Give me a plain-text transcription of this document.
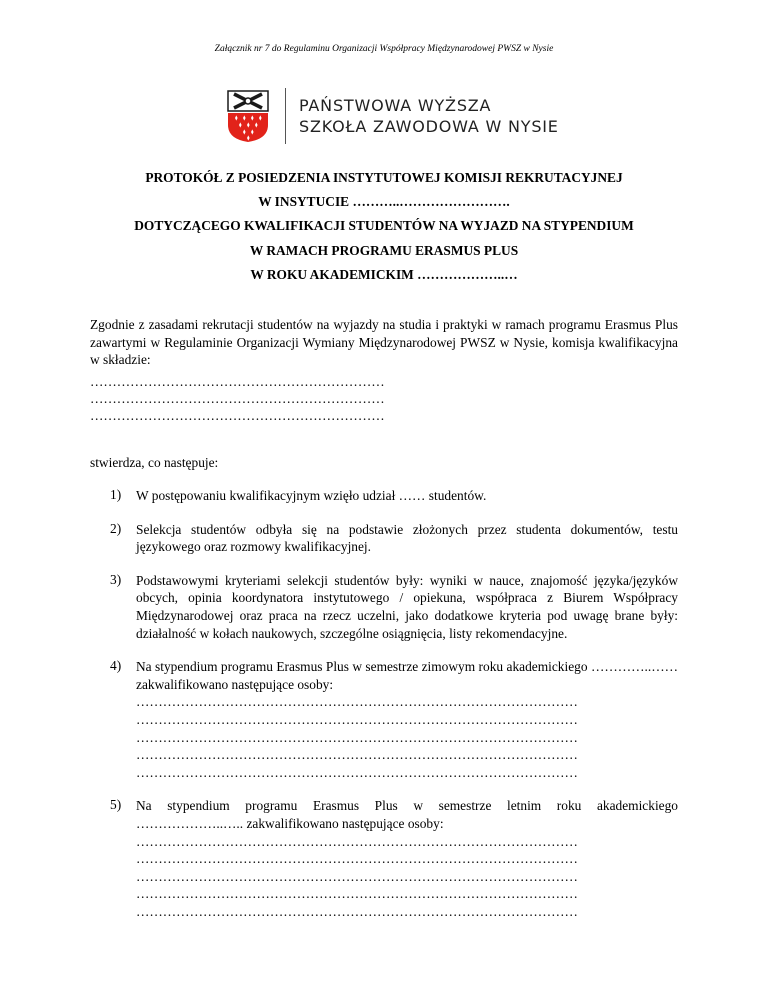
Załącznik nr 7 do Regulaminu Organizacji Współpracy Międzynarodowej PWSZ w Nysie
PAŃSTWOWA WYŻSZA
SZKOŁA ZAWODOWA W NYSIE
PROTOKÓŁ Z POSIEDZENIA INSTYTUTOWEJ KOMISJI REKRUTACYJNEJ
W INSYTUCIE ………..…………………….
DOTYCZĄCEGO KWALIFIKACJI STUDENTÓW NA WYJAZD NA STYPENDIUM
W RAMACH PROGRAMU ERASMUS PLUS
W ROKU AKADEMICKIM ………………..…
Zgodnie z zasadami rekrutacji studentów na wyjazdy na studia i praktyki w ramach programu Erasmus Plus zawartymi w Regulaminie Organizacji Wymiany Międzynarodowej PWSZ w Nysie, komisja kwalifikacyjna w składzie:
…………………………………………………………
…………………………………………………………
…………………………………………………………
stwierdza, co następuje:
1)	W postępowaniu kwalifikacyjnym wzięło udział …… studentów.
2)	Selekcja studentów odbyła się na podstawie złożonych przez studenta dokumentów, testu językowego oraz rozmowy kwalifikacyjnej.
3)	Podstawowymi kryteriami selekcji studentów były: wyniki w nauce, znajomość języka/języków obcych, opinia koordynatora instytutowego / opiekuna, współpraca z Biurem Współpracy Międzynarodowej oraz praca na rzecz uczelni, jako dodatkowe kryteria pod uwagę brane były: działalność w kołach naukowych, szczególne osiągnięcia, listy rekomendacyjne.
4)	Na stypendium programu Erasmus Plus w semestrze zimowym roku akademickiego …………..…… zakwalifikowano następujące osoby:
………………………………………………………………………………………
………………………………………………………………………………………
………………………………………………………………………………………
………………………………………………………………………………………
………………………………………………………………………………………
5)	Na stypendium programu Erasmus Plus w semestrze letnim roku akademickiego ………………..….. zakwalifikowano następujące osoby:
………………………………………………………………………………………
………………………………………………………………………………………
………………………………………………………………………………………
………………………………………………………………………………………
………………………………………………………………………………………
